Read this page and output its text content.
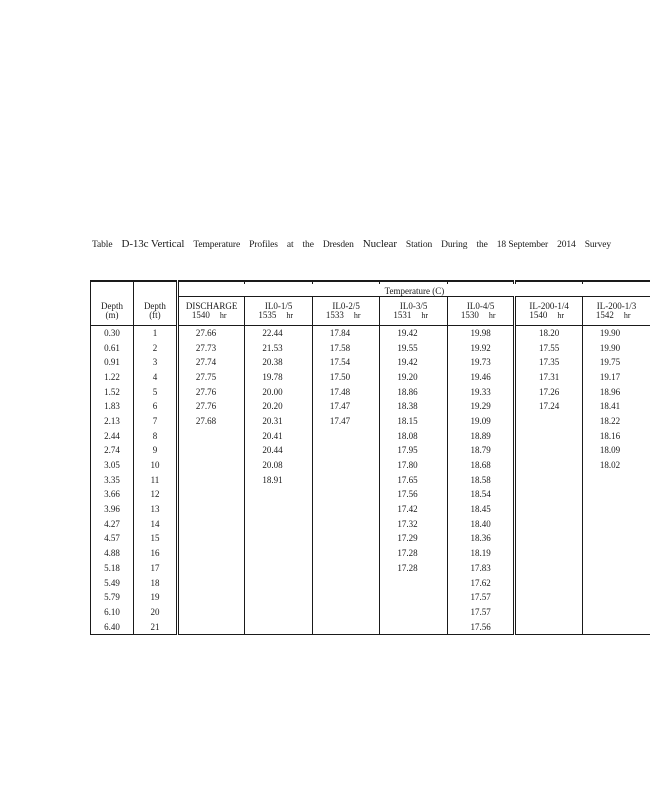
Table D-13c Vertical Temperature Profiles at the Dresden Nuclear Station During the 18 September 2014 Survey

		Temperature (C)						
Depth	Depth	DISCHARGE	IL0-1/5	IL0-2/5	IL0-3/5	IL0-4/5	IL-200-1/4	IL-200-1/3
(m)	(ft)	1540 hr	1535 hr	1533 hr	1531 hr	1530 hr	1540 hr	1542 hr
0.30	1	27.66	22.44	17.84	19.42	19.98	18.20	19.90
0.61	2	27.73	21.53	17.58	19.55	19.92	17.55	19.90
0.91	3	27.74	20.38	17.54	19.42	19.73	17.35	19.75
1.22	4	27.75	19.78	17.50	19.20	19.46	17.31	19.17
1.52	5	27.76	20.00	17.48	18.86	19.33	17.26	18.96
1.83	6	27.76	20.20	17.47	18.38	19.29	17.24	18.41
2.13	7	27.68	20.31	17.47	18.15	19.09		18.22
2.44	8		20.41		18.08	18.89		18.16
2.74	9		20.44		17.95	18.79		18.09
3.05	10		20.08		17.80	18.68		18.02
3.35	11		18.91		17.65	18.58		
3.66	12				17.56	18.54		
3.96	13				17.42	18.45		
4.27	14				17.32	18.40		
4.57	15				17.29	18.36		
4.88	16				17.28	18.19		
5.18	17				17.28	17.83		
5.49	18					17.62		
5.79	19					17.57		
6.10	20					17.57		
6.40	21					17.56		
